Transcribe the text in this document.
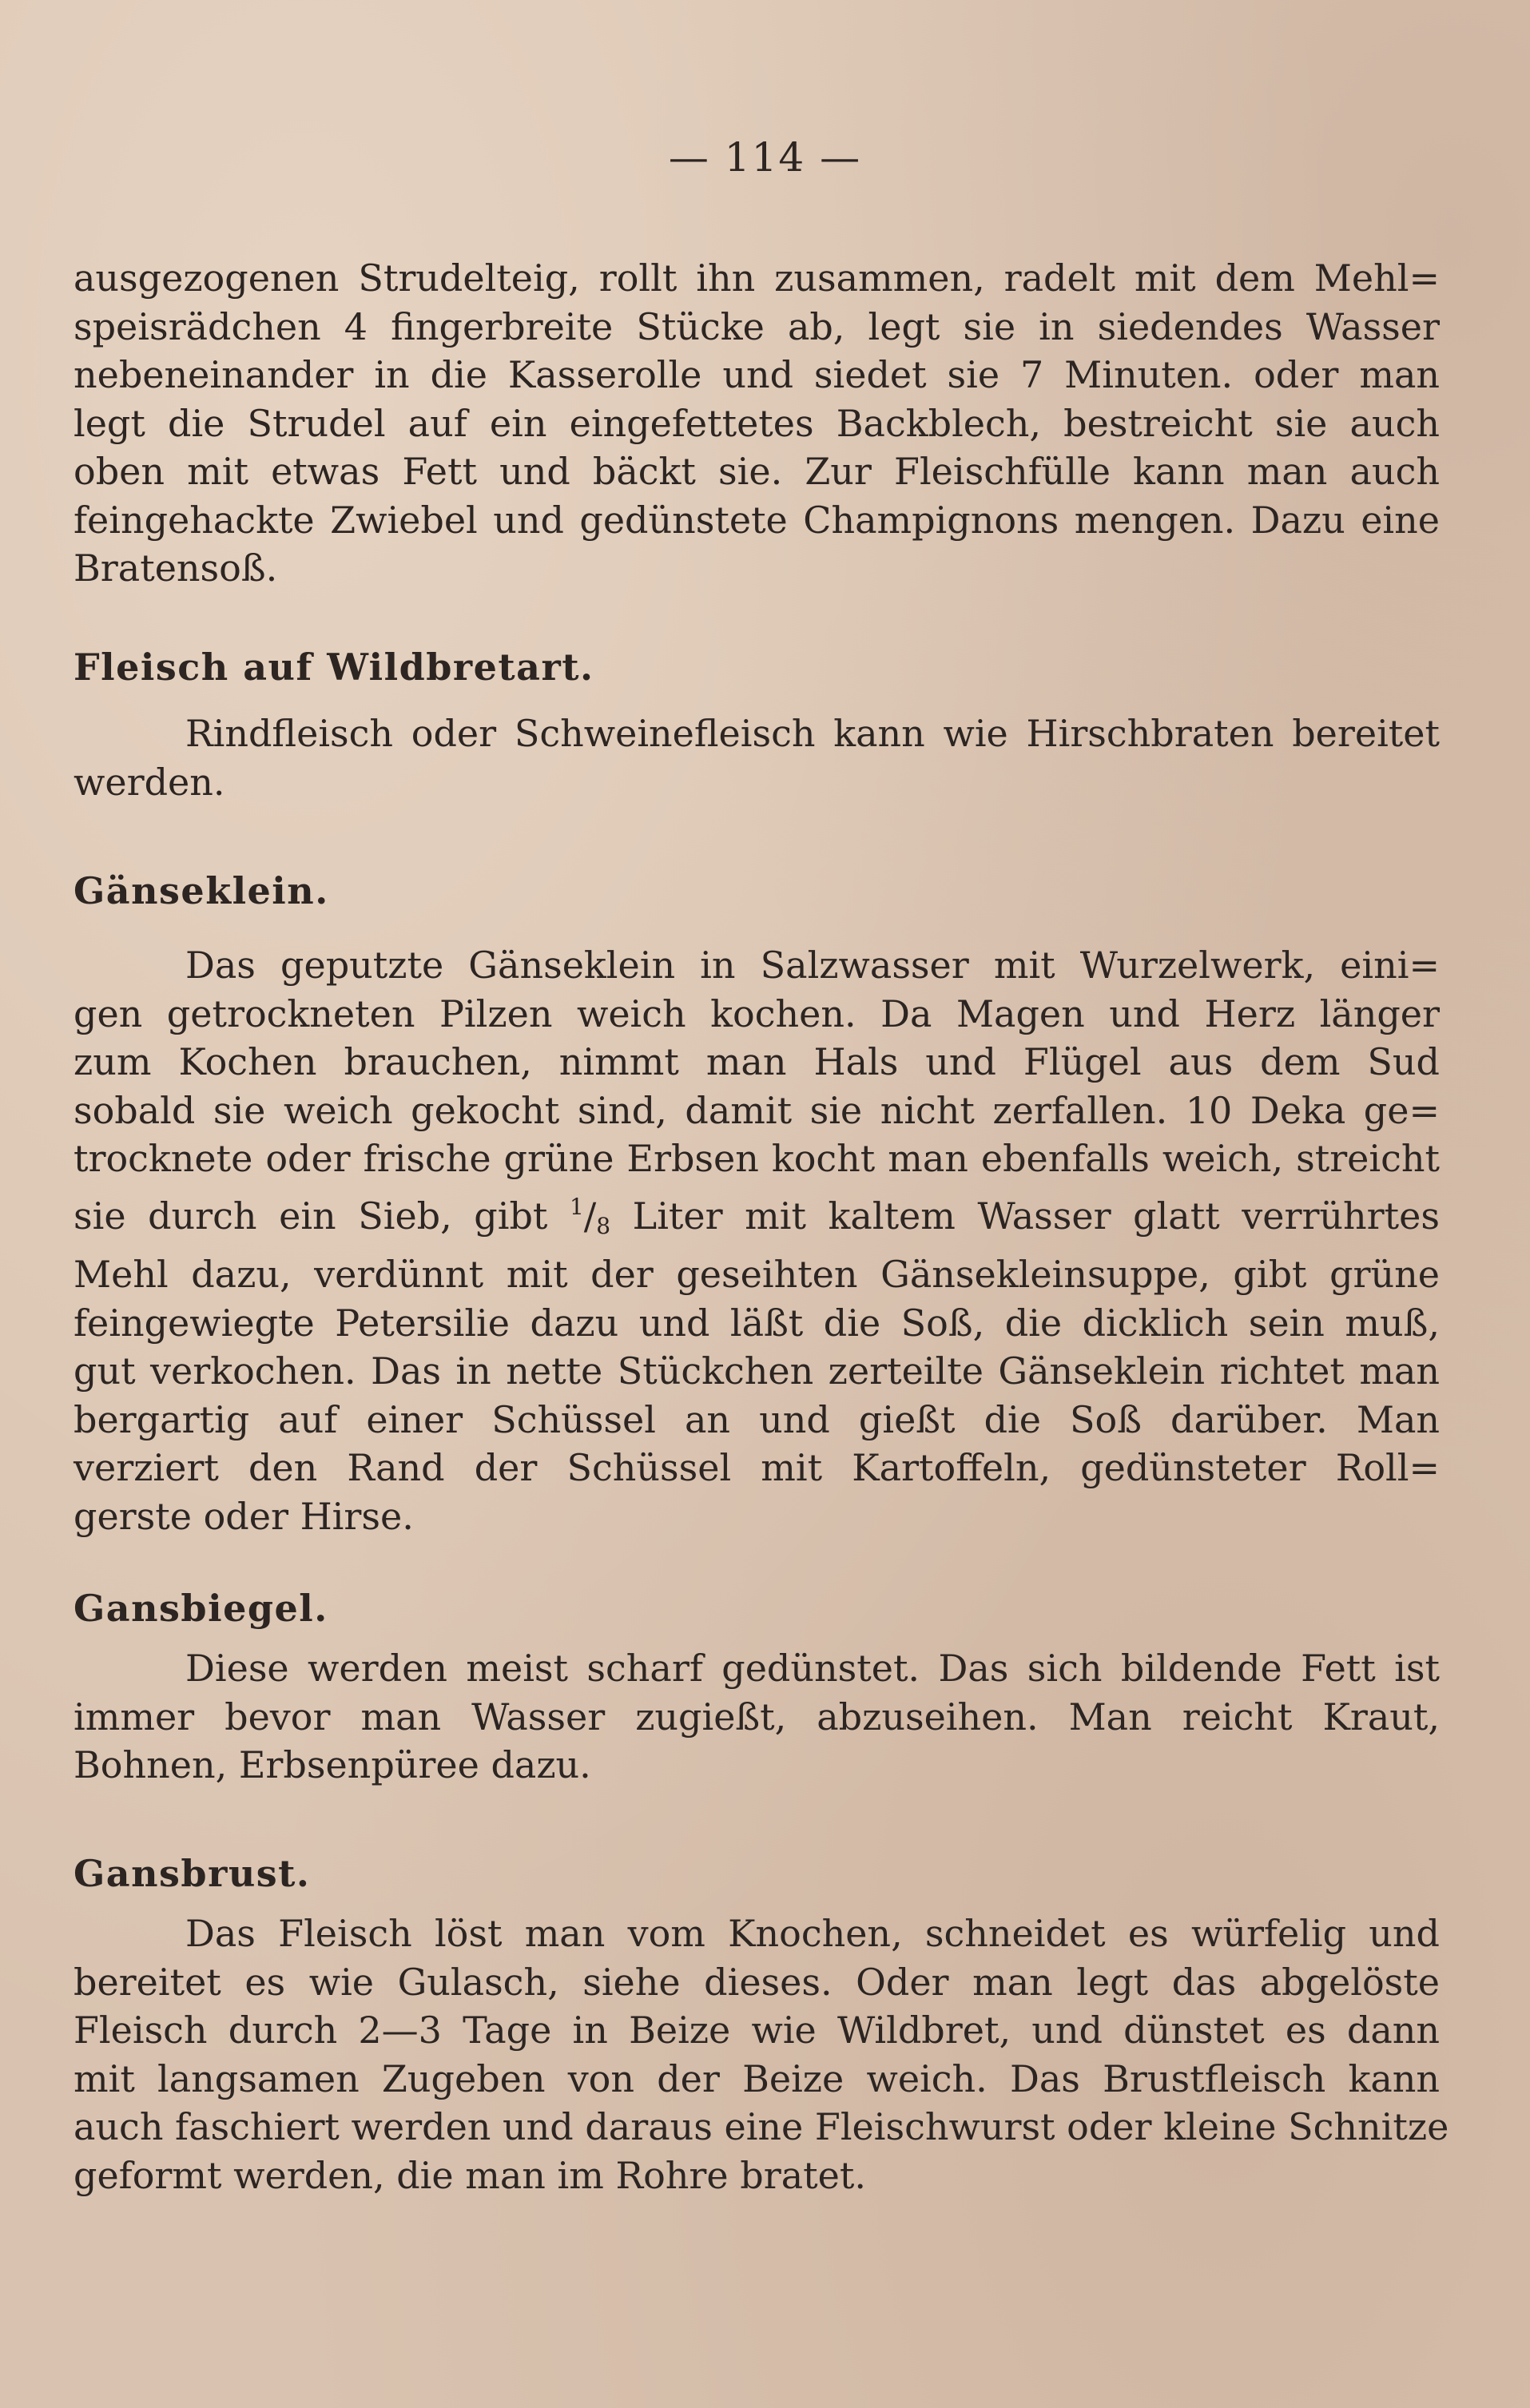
— 114 —
ausgezogenen Strudelteig, rollt ihn zusammen, radelt mit dem Mehl=
speisrädchen 4 fingerbreite Stücke ab, legt sie in siedendes Wasser
nebeneinander in die Kasserolle und siedet sie 7 Minuten. oder man
legt die Strudel auf ein eingefettetes Backblech, bestreicht sie auch
oben mit etwas Fett und bäckt sie. Zur Fleischfülle kann man auch
feingehackte Zwiebel und gedünstete Champignons mengen. Dazu eine
Bratensoß.
Fleisch auf Wildbretart.
Rindfleisch oder Schweinefleisch kann wie Hirschbraten bereitet
werden.
Gänseklein.
Das geputzte Gänseklein in Salzwasser mit Wurzelwerk, eini=
gen getrockneten Pilzen weich kochen. Da Magen und Herz länger
zum Kochen brauchen, nimmt man Hals und Flügel aus dem Sud
sobald sie weich gekocht sind, damit sie nicht zerfallen. 10 Deka ge=
trocknete oder frische grüne Erbsen kocht man ebenfalls weich, streicht
sie durch ein Sieb, gibt $^1/_8$ Liter mit kaltem Wasser glatt verrührtes
Mehl dazu, verdünnt mit der geseihten Gänsekleinsuppe, gibt grüne
feingewiegte Petersilie dazu und läßt die Soß, die dicklich sein muß,
gut verkochen. Das in nette Stückchen zerteilte Gänseklein richtet man
bergartig auf einer Schüssel an und gießt die Soß darüber. Man
verziert den Rand der Schüssel mit Kartoffeln, gedünsteter Roll=
gerste oder Hirse.
Gansbiegel.
Diese werden meist scharf gedünstet. Das sich bildende Fett ist
immer bevor man Wasser zugießt, abzuseihen. Man reicht Kraut,
Bohnen, Erbsenpüree dazu.
Gansbrust.
Das Fleisch löst man vom Knochen, schneidet es würfelig und
bereitet es wie Gulasch, siehe dieses. Oder man legt das abgelöste
Fleisch durch 2—3 Tage in Beize wie Wildbret, und dünstet es dann
mit langsamen Zugeben von der Beize weich. Das Brustfleisch kann
auch faschiert werden und daraus eine Fleischwurst oder kleine Schnitze
geformt werden, die man im Rohre bratet.
